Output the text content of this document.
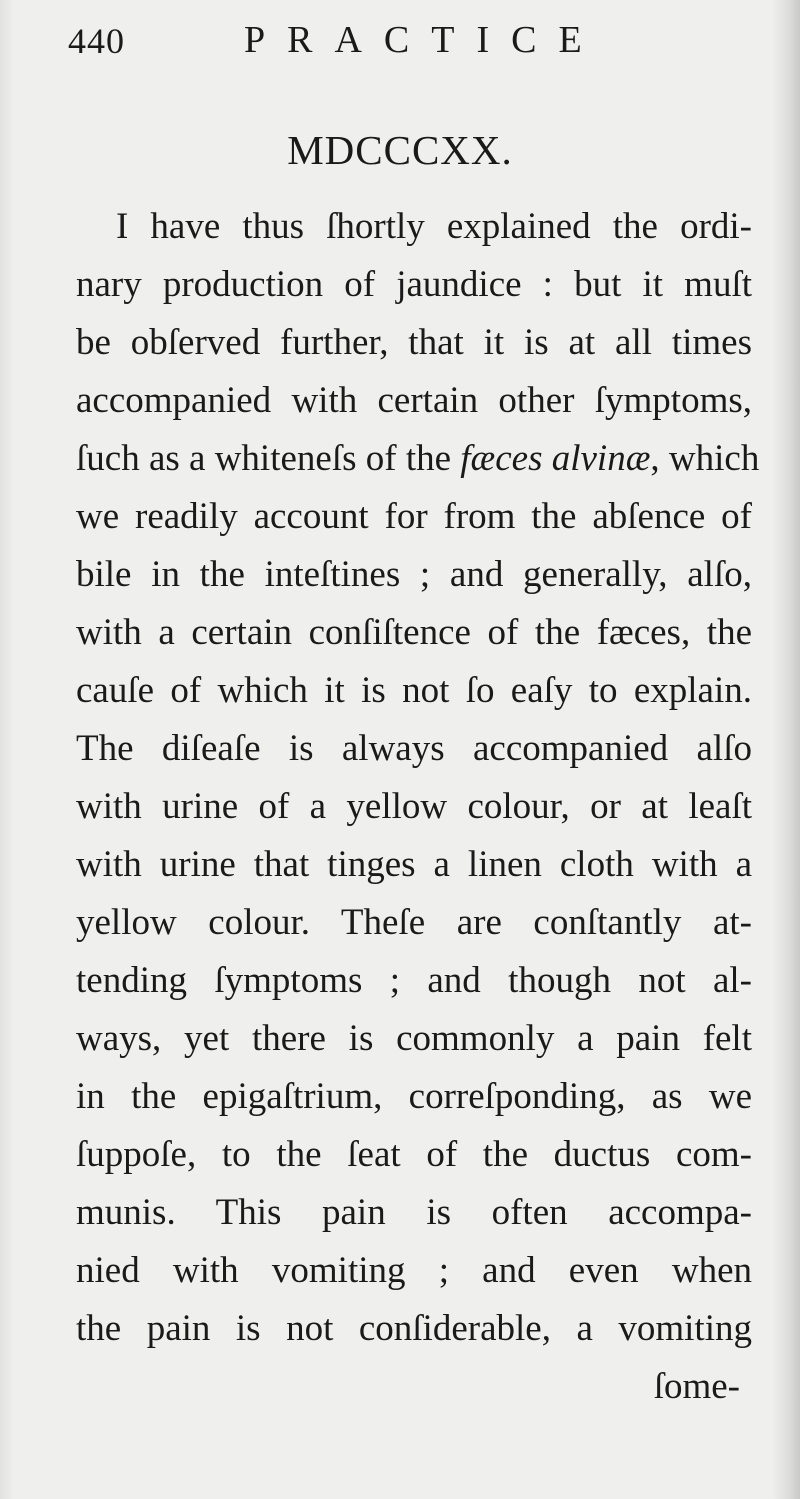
440	PRACTICE
MDCCCXX.
I have thus ſhortly explained the ordi-
nary production of jaundice : but it muſt
be obſerved further, that it is at all times
accompanied with certain other ſymptoms,
ſuch as a whiteneſs of the fæces alvinæ, which
we readily account for from the abſence of
bile in the inteſtines ; and generally, alſo,
with a certain conſiſtence of the fæces, the
cauſe of which it is not ſo eaſy to explain.
The diſeaſe is always accompanied alſo
with urine of a yellow colour, or at leaſt
with urine that tinges a linen cloth with a
yellow colour. Theſe are conſtantly at-
tending ſymptoms ; and though not al-
ways, yet there is commonly a pain felt
in the epigaſtrium, correſponding, as we
ſuppoſe, to the ſeat of the ductus com-
munis. This pain is often accompa-
nied with vomiting ; and even when
the pain is not conſiderable, a vomiting
ſome-
